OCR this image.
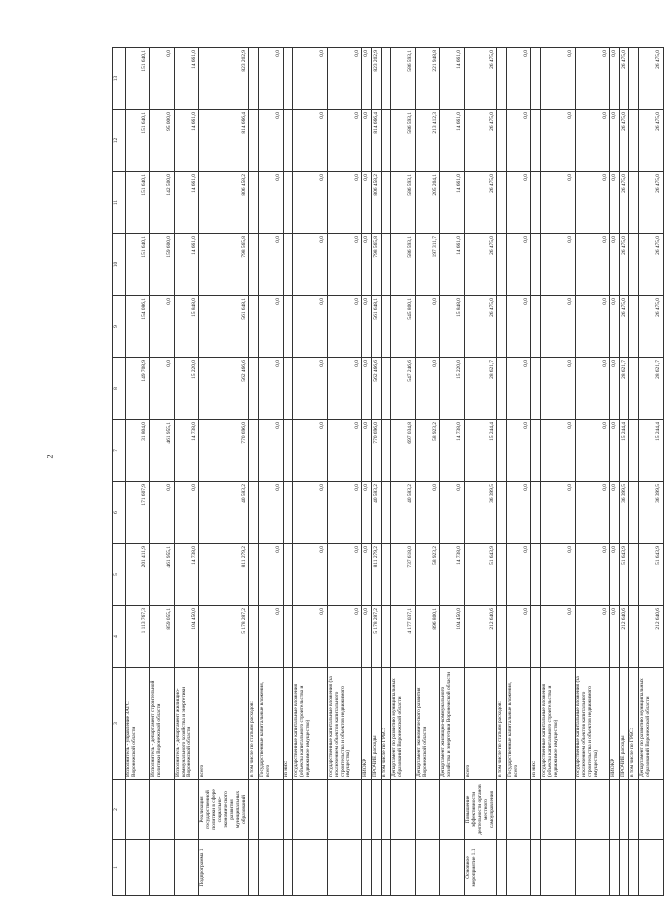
2
1	2	3	4	5	6	7	8	9	10	11	12	13
		Исполнитель - управление ЗАГС Воронежской области	1 113 767,3	201 411,9	171 607,9	31 804,0	149 708,9	154 086,1	151 640,1	151 640,1	151 640,1	151 640,1
		Исполнитель - департамент строительной политики Воронежской области	859 055,1	461 955,1	0,0	461 955,1	0,0	0,0	159 600,0	142 500,0	95 000,0	0,0
		Исполнитель - департамент жилищно-коммунального хозяйства и энергетики Воронежской области	104 450,0	14 738,0	0,0	14 738,0	15 220,0	15 848,0	14 661,0	14 661,0	14 661,0	14 661,0
Подпрограмма 1	Реализация государственной политики в сфере социально-экономического развития муниципальных образований	всего	5 178 287,2	811 279,2	40 583,2	770 696,0	562 466,6	561 648,1	798 565,8	806 458,2	814 666,4	823 202,9
		в том числе по статьям расходов:										
		Государственные капитальные вложения, всего	0,0	0,0	0,0	0,0	0,0	0,0	0,0	0,0	0,0	0,0
		из них:										
		государственные капитальные вложения (объекты капитального строительства и недвижимое имущество)	0,0	0,0	0,0	0,0	0,0	0,0	0,0	0,0	0,0	0,0
		государственные капитальные вложения (за исключением объектов капитального строительства и объектов недвижимого имущества)	0,0	0,0	0,0	0,0	0,0	0,0	0,0	0,0	0,0	0,0
		НИОКР	0,0	0,0	0,0	0,0	0,0	0,0	0,0	0,0	0,0	0,0
		ПРОЧИЕ расходы	5 178 287,2	811 279,2	40 583,2	770 696,0	562 466,6	561 648,1	798 565,8	806 458,2	814 666,4	823 202,9
		в том числе по ГРБС:										
		Департамент по развитию муниципальных образований Воронежской области	4 177 037,1	737 618,0	40 583,2	697 034,8	547 246,6	545 800,1	586 593,1	586 593,1	586 593,1	586 593,1
		Департамент экономического развития Воронежской области	896 800,1	58 923,2	0,0	58 923,2	0,0	0,0	197 311,7	205 204,1	213 412,3	221 948,8
		Департамент жилищно-коммунального хозяйства и энергетики Воронежской области	104 450,0	14 738,0	0,0	14 738,0	15 220,0	15 848,0	14 661,0	14 661,0	14 661,0	14 661,0
Основное мероприятие 1.1	Повышение эффективности деятельности органов местного самоуправления	всего	212 640,6	51 643,9	36 399,5	15 244,4	28 621,7	26 475,0	26 475,0	26 475,0	26 475,0	26 475,0
		в том числе по статьям расходов:										
		Государственные капитальные вложения, всего	0,0	0,0	0,0	0,0	0,0	0,0	0,0	0,0	0,0	0,0
		из них:										
		государственные капитальные вложения (объекты капитального строительства и недвижимое имущество)	0,0	0,0	0,0	0,0	0,0	0,0	0,0	0,0	0,0	0,0
		государственные капитальные вложения (за исключением объектов капитального строительства и объектов недвижимого имущества)	0,0	0,0	0,0	0,0	0,0	0,0	0,0	0,0	0,0	0,0
		НИОКР	0,0	0,0	0,0	0,0	0,0	0,0	0,0	0,0	0,0	0,0
		ПРОЧИЕ расходы	212 640,6	51 643,9	36 399,5	15 244,4	28 621,7	26 475,0	26 475,0	26 475,0	26 475,0	26 475,0
		в том числе по ГРБС:										
		Департамент по развитию муниципальных образований Воронежской области	212 640,6	51 643,9	36 399,5	15 244,4	28 621,7	26 475,0	26 475,0	26 475,0	26 475,0	26 475,0
